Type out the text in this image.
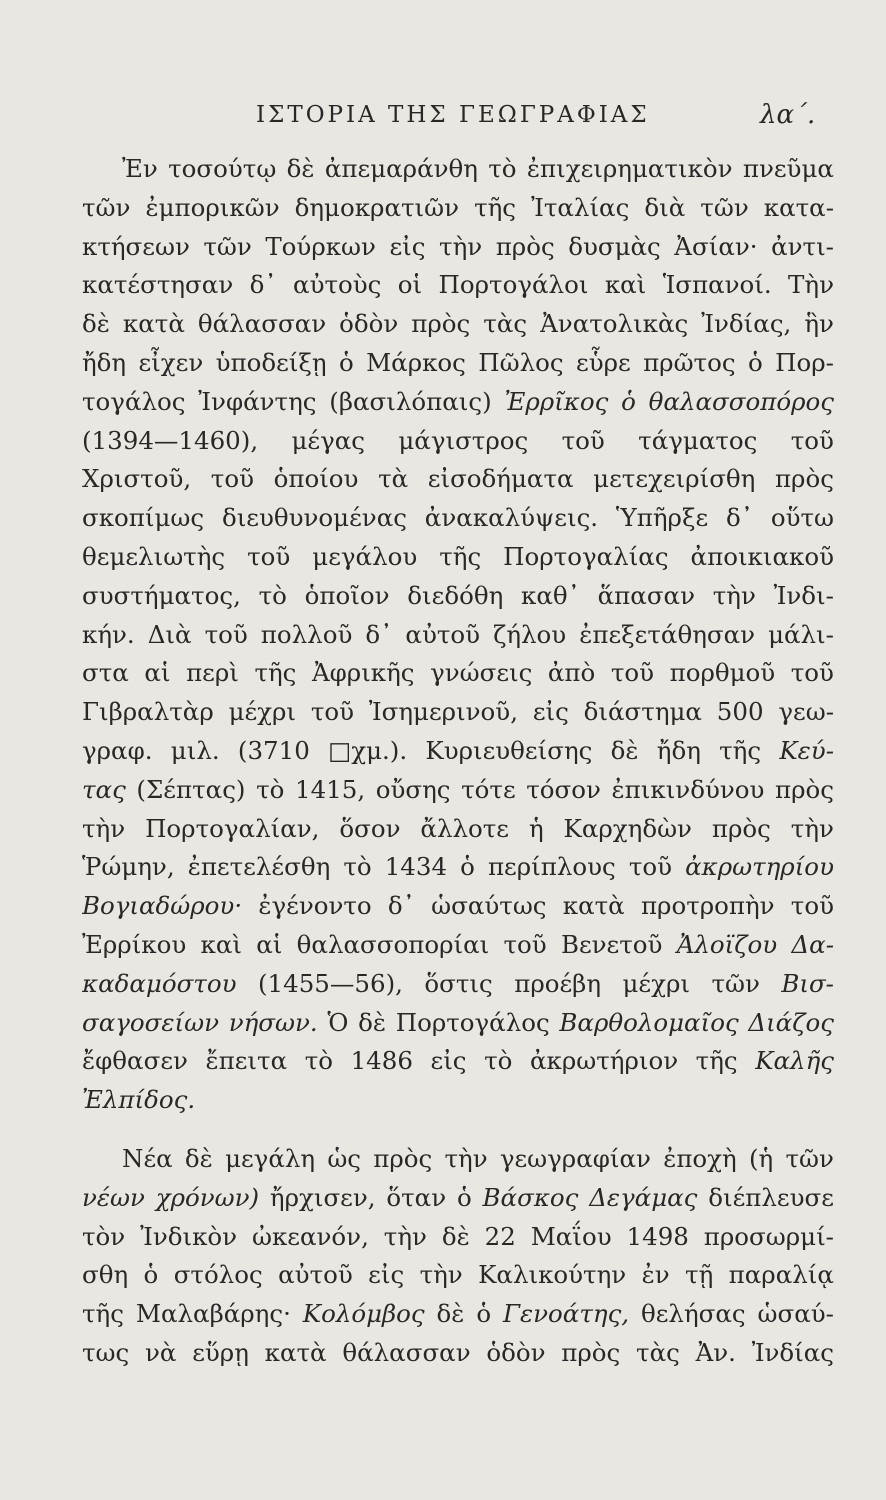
ΙΣΤΟΡΙΑ ΤΗΣ ΓΕΩΓΡΑΦΙΑΣ	λα΄.
Ἐν τοσούτῳ δὲ ἀπεμαράνθη τὸ ἐπιχειρηματικὸν πνεῦμα
τῶν ἐμπορικῶν δημοκρατιῶν τῆς Ἰταλίας διὰ τῶν κατα-
κτήσεων τῶν Τούρκων εἰς τὴν πρὸς δυσμὰς Ἀσίαν· ἀντι-
κατέστησαν δ᾽ αὐτοὺς οἱ Πορτογάλοι καὶ Ἱσπανοί. Τὴν
δὲ κατὰ θάλασσαν ὁδὸν πρὸς τὰς Ἀνατολικὰς Ἰνδίας, ἣν
ἤδη εἶχεν ὑποδείξῃ ὁ Μάρκος Πῶλος εὗρε πρῶτος ὁ Πορ-
τογάλος Ἰνφάντης (βασιλόπαις) Ἐρρῖκος ὁ θαλασσοπόρος
(1394—1460), μέγας μάγιστρος τοῦ τάγματος τοῦ
Χριστοῦ, τοῦ ὁποίου τὰ εἰσοδήματα μετεχειρίσθη πρὸς
σκοπίμως διευθυνομένας ἀνακαλύψεις. Ὑπῆρξε δ᾽ οὕτω
θεμελιωτὴς τοῦ μεγάλου τῆς Πορτογαλίας ἀποικιακοῦ
συστήματος, τὸ ὁποῖον διεδόθη καθ᾽ ἅπασαν τὴν Ἰνδι-
κήν. Διὰ τοῦ πολλοῦ δ᾽ αὐτοῦ ζήλου ἐπεξετάθησαν μάλι-
στα αἱ περὶ τῆς Ἀφρικῆς γνώσεις ἀπὸ τοῦ πορθμοῦ τοῦ
Γιβραλτὰρ μέχρι τοῦ Ἰσημερινοῦ, εἰς διάστημα 500 γεω-
γραφ. μιλ. (3710 □χμ.). Κυριευθείσης δὲ ἤδη τῆς Κεύ-
τας (Σέπτας) τὸ 1415, οὔσης τότε τόσον ἐπικινδύνου πρὸς
τὴν Πορτογαλίαν, ὅσον ἄλλοτε ἡ Καρχηδὼν πρὸς τὴν
Ῥώμην, ἐπετελέσθη τὸ 1434 ὁ περίπλους τοῦ ἀκρωτηρίου
Βογιαδώρου· ἐγένοντο δ᾽ ὡσαύτως κατὰ προτροπὴν τοῦ
Ἐρρίκου καὶ αἱ θαλασσοπορίαι τοῦ Βενετοῦ Ἀλοϊζου Δα-
καδαμόστου (1455—56), ὅστις προέβη μέχρι τῶν Βισ-
σαγοσείων νήσων. Ὁ δὲ Πορτογάλος Βαρθολομαῖος Διάζος
ἔφθασεν ἔπειτα τὸ 1486 εἰς τὸ ἀκρωτήριον τῆς Καλῆς
Ἐλπίδος.
Νέα δὲ μεγάλη ὡς πρὸς τὴν γεωγραφίαν ἐποχὴ (ἡ τῶν
νέων χρόνων) ἤρχισεν, ὅταν ὁ Βάσκος Δεγάμας διέπλευσε
τὸν Ἰνδικὸν ὠκεανόν, τὴν δὲ 22 Μαΐου 1498 προσωρμί-
σθη ὁ στόλος αὐτοῦ εἰς τὴν Καλικούτην ἐν τῇ παραλίᾳ
τῆς Μαλαβάρης· Κολόμβος δὲ ὁ Γενοάτης, θελήσας ὡσαύ-
τως νὰ εὕρῃ κατὰ θάλασσαν ὁδὸν πρὸς τὰς Ἀν. Ἰνδίας
